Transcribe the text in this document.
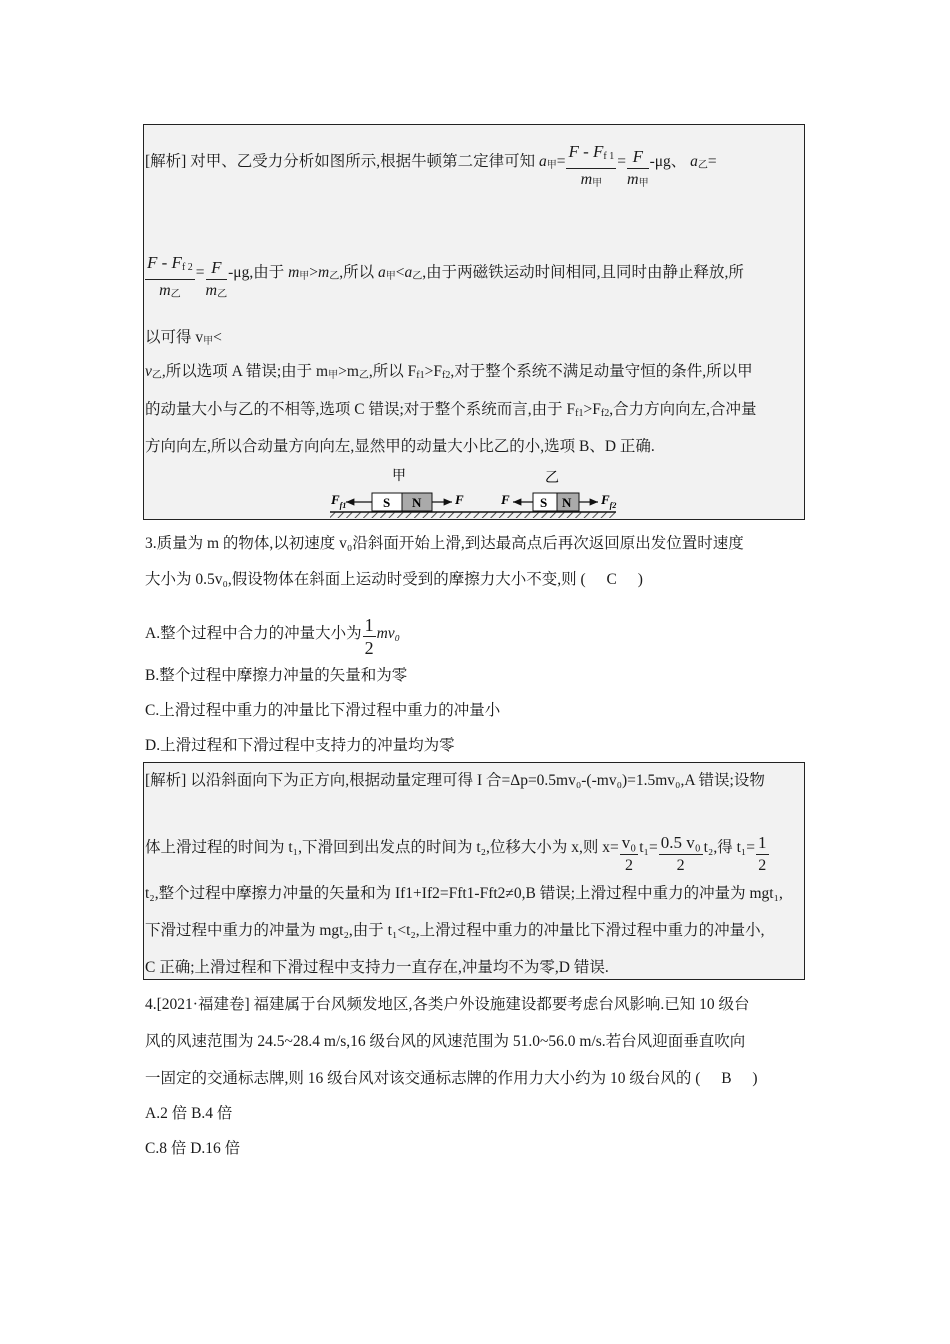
[解析] 对甲、乙受力分析如图所示,根据牛顿第二定律可知 $a_甲= \frac{F - F_{f 1}}{m_甲} = \frac{F}{m_甲} -\mu g$、 $a_乙=$
$\frac{F - F_{f 2}}{m_乙} = \frac{F}{m_乙} -\mu g$,由于 $m_甲>m_乙$,所以 $a_甲<a_乙$,由于两磁铁运动时间相同,且同时由静止释放,所
以可得 $v_甲<$
$v_乙$,所以选项 A 错误;由于 $m_甲>m_乙$,所以 $F_{f1}>F_{f2}$,对于整个系统不满足动量守恒的条件,所以甲
的动量大小与乙的不相等,选项 C 错误;对于整个系统而言,由于 $F_{f1}>F_{f2}$,合力方向向左,合冲量
方向向左,所以合动量方向向左,显然甲的动量大小比乙的小,选项 B、D 正确.
甲	乙
S N	S N
$F_{f1}$	F	F	$F_{f2}$
3.质量为 m 的物体,以初速度 v₀沿斜面开始上滑,到达最高点后再次返回原出发位置时速度
大小为 0.5v₀,假设物体在斜面上运动时受到的摩擦力大小不变,则 ( C )
A.整个过程中合力的冲量大小为 $\frac{1}{2} mv_0$
B.整个过程中摩擦力冲量的矢量和为零
C.上滑过程中重力的冲量比下滑过程中重力的冲量小
D.上滑过程和下滑过程中支持力的冲量均为零
[解析] 以沿斜面向下为正方向,根据动量定理可得 I 合=Δp=0.5mv₀-(-mv₀)=1.5mv₀,A 错误;设物
体上滑过程的时间为 t₁,下滑回到出发点的时间为 t₂,位移大小为 x,则 $x= \frac{\text{v₀}}{2} t_1= \frac{\text{0.5 v₀}}{2} t_2$,得 $t_1= \frac{1}{2}$
t₂,整个过程中摩擦力冲量的矢量和为 If1+If2=Fft1-Fft2≠0,B 错误;上滑过程中重力的冲量为 mgt₁,
下滑过程中重力的冲量为 mgt₂,由于 t₁<t₂,上滑过程中重力的冲量比下滑过程中重力的冲量小,
C 正确;上滑过程和下滑过程中支持力一直存在,冲量均不为零,D 错误.
4.[2021·福建卷] 福建属于台风频发地区,各类户外设施建设都要考虑台风影响.已知 10 级台
风的风速范围为 24.5~28.4 m/s,16 级台风的风速范围为 51.0~56.0 m/s.若台风迎面垂直吹向
一固定的交通标志牌,则 16 级台风对该交通标志牌的作用力大小约为 10 级台风的 ( B )
A.2 倍 B.4 倍
C.8 倍 D.16 倍
